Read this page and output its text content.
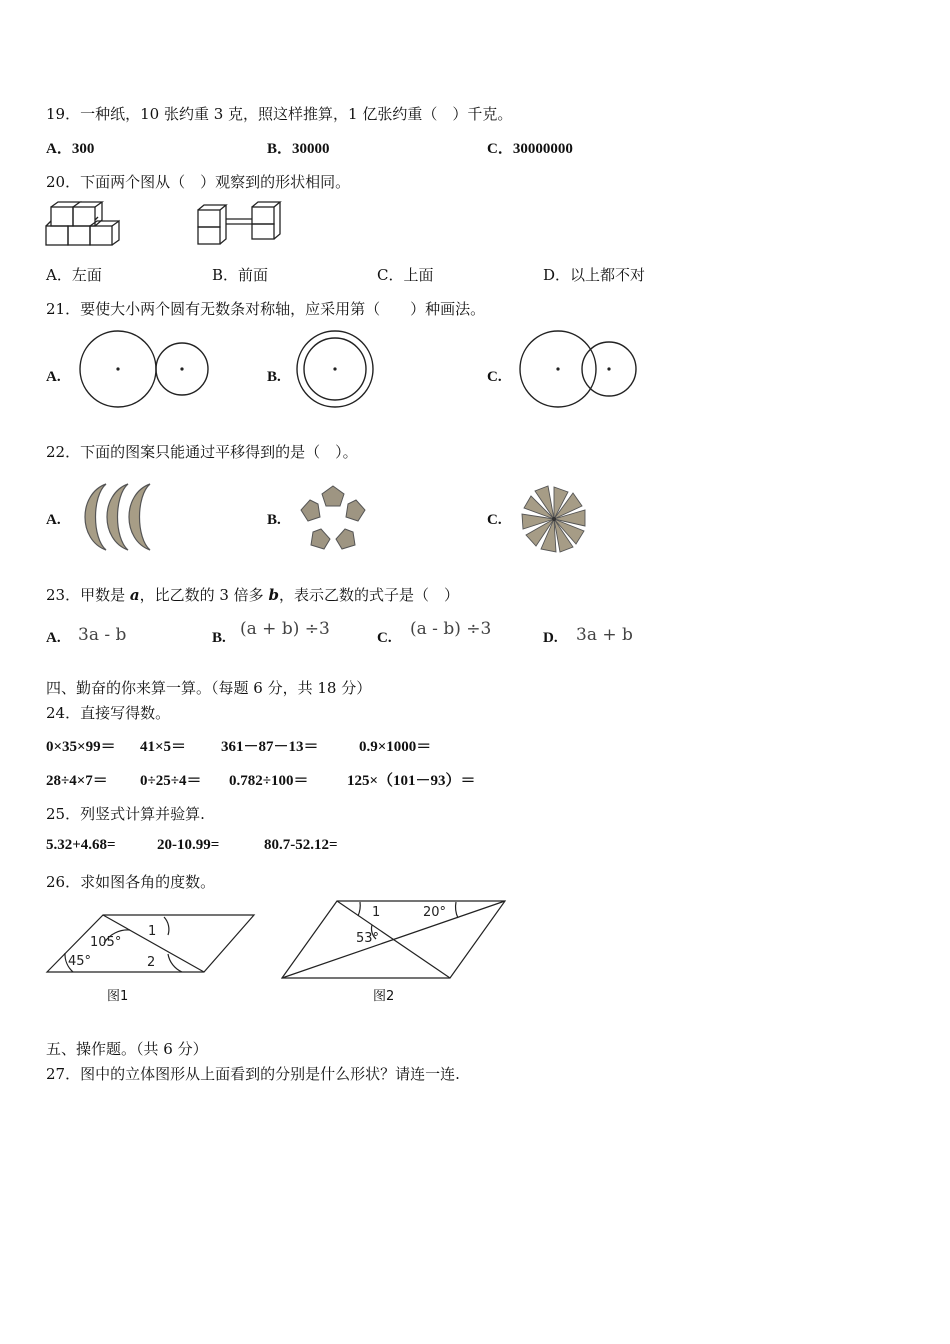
19．一种纸，10 张约重 3 克，照这样推算，1 亿张约重（　）千克。
A．300	B．30000	C．30000000
20．下面两个图从（　）观察到的形状相同。
A．左面	B．前面	C．上面	D．以上都不对
21．要使大小两个圆有无数条对称轴，应采用第（　　）种画法。
A.	B.	C.
22．下面的图案只能通过平移得到的是（　）。
A.	B.	C.
23．甲数是 a，比乙数的 3 倍多 b，表示乙数的式子是（　）
A. 3a - b	B. (a + b) ÷3	C. (a - b) ÷3	D. 3a + b
四、勤奋的你来算一算。（每题 6 分，共 18 分）
24．直接写得数。
0×35×99＝ 41×5＝ 361－87－13＝	0.9×1000＝
28÷4×7＝ 0÷25÷4＝ 0.782÷100＝	125×（101－93）＝
25．列竖式计算并验算.
5.32+4.68=	20-10.99=	80.7-52.12=
26．求如图各角的度数。
1
2
105°
45°
图1
1	20°
53°
图2
五、操作题。（共 6 分）
27．图中的立体图形从上面看到的分别是什么形状？请连一连.
